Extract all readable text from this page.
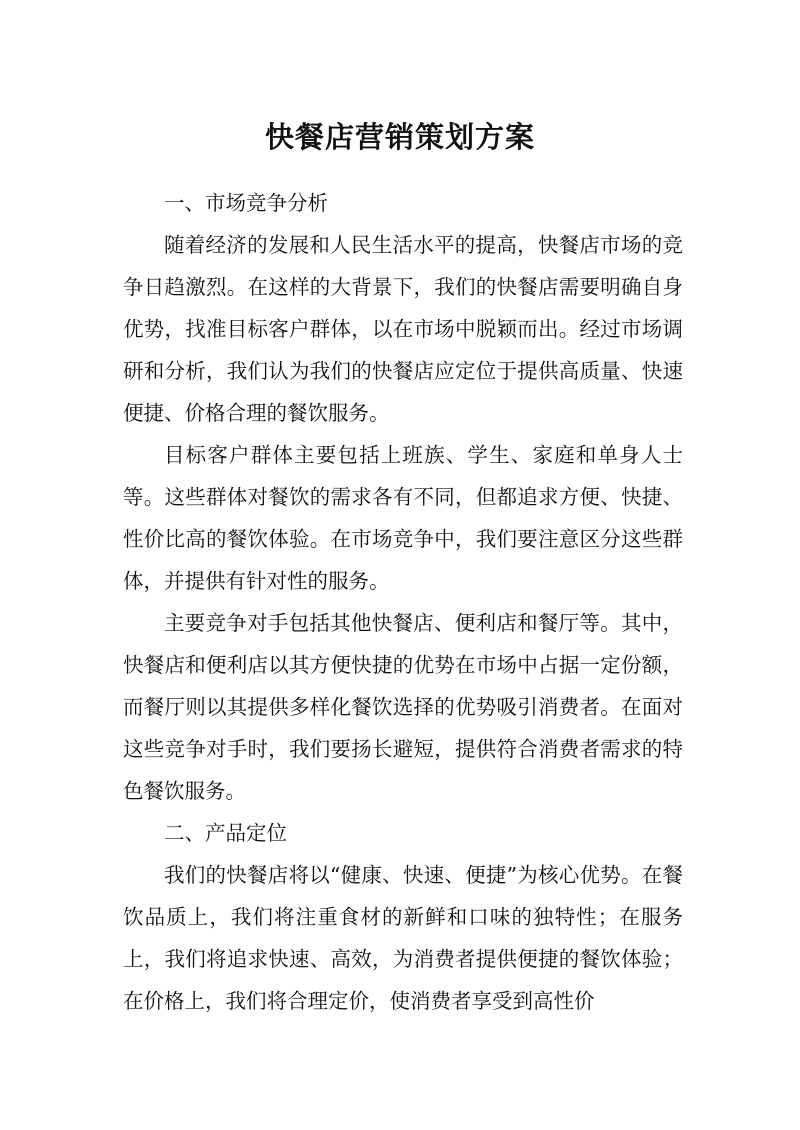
快餐店营销策划方案

一、市场竞争分析

随着经济的发展和人民生活水平的提高，快餐店市场的竞争日趋激烈。在这样的大背景下，我们的快餐店需要明确自身优势，找准目标客户群体，以在市场中脱颖而出。经过市场调研和分析，我们认为我们的快餐店应定位于提供高质量、快速便捷、价格合理的餐饮服务。

目标客户群体主要包括上班族、学生、家庭和单身人士等。这些群体对餐饮的需求各有不同，但都追求方便、快捷、性价比高的餐饮体验。在市场竞争中，我们要注意区分这些群体，并提供有针对性的服务。

主要竞争对手包括其他快餐店、便利店和餐厅等。其中，快餐店和便利店以其方便快捷的优势在市场中占据一定份额，而餐厅则以其提供多样化餐饮选择的优势吸引消费者。在面对这些竞争对手时，我们要扬长避短，提供符合消费者需求的特色餐饮服务。

二、产品定位

我们的快餐店将以“健康、快速、便捷”为核心优势。在餐饮品质上，我们将注重食材的新鲜和口味的独特性；在服务上，我们将追求快速、高效，为消费者提供便捷的餐饮体验；在价格上，我们将合理定价，使消费者享受到高性价
